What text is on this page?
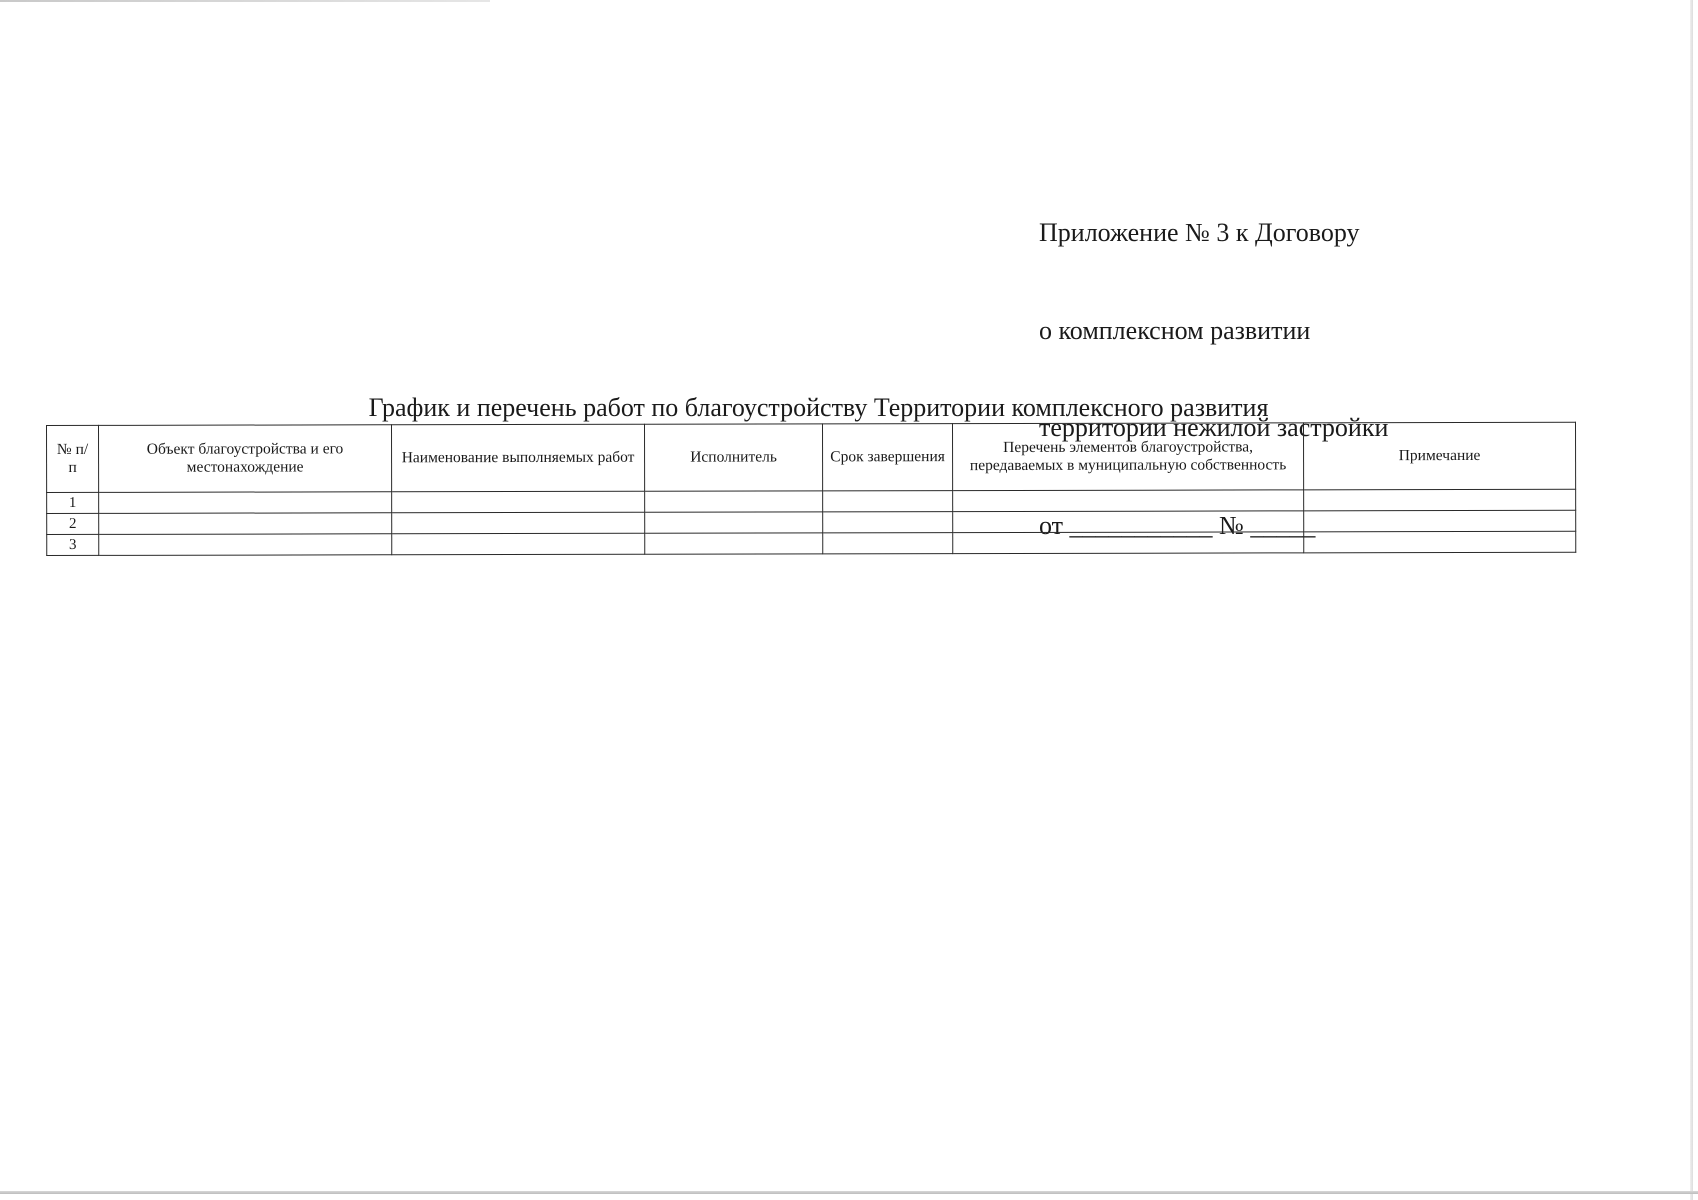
Приложение № 3 к Договору

о комплексном развитии

территории нежилой застройки

от ___________ № _____

График и перечень работ по благоустройству Территории комплексного развития
№ п/п	Объект благоустройства и его местонахождение	Наименование выполняемых работ	Исполнитель	Срок завершения	Перечень элементов благоустройства, передаваемых в муниципальную собственность	Примечание
1						
2						
3						
